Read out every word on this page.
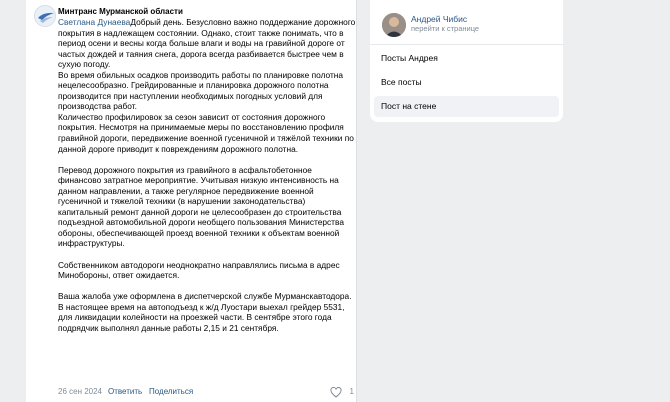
Минтранс Мурманской области

Светлана ДунаеваДобрый день. Безусловно важно поддержание дорожного покрытия в надлежащем состоянии. Однако, стоит также понимать, что в период осени и весны когда больше влаги и воды на гравийной дороге от частых дождей и таяния снега, дорога всегда разбивается быстрее чем в сухую погоду.

Во время обильных осадков производить работы по планировке полотна нецелесообразно. Грейдированные и планировка дорожного полотна производится при наступлении необходимых погодных условий для производства работ.

Количество профилировок за сезон зависит от состояния дорожного покрытия. Несмотря на принимаемые меры по восстановлению профиля гравийной дороги, передвижение военной гусеничной и тяжёлой техники по данной дороге приводит к повреждениям дорожного полотна.

Перевод дорожного покрытия из гравийного в асфальтобетонное финансово затратное мероприятие. Учитывая низкую интенсивность на данном направлении, а также регулярное передвижение военной гусеничной и тяжелой техники (в нарушении законодательства) капитальный ремонт данной дороги не целесообразен до строительства подъездной автомобильной дороги необщего пользования Министерства обороны, обеспечивающей проезд военной техники к объектам военной инфраструктуры.

Собственником автодороги неоднократно направлялись письма в адрес Минобороны, ответ ожидается.

Ваша жалоба уже оформлена в диспетчерской службе Мурманскавтодора. В настоящее время на автоподъезд к ж/д Луостари выехал грейдер 5531, для ликвидации колейности на проезжей части. В сентябре этого года подрядчик выполнял данные работы 2,15 и 21 сентября.

26 сен 2024 Ответить Поделиться	1
Андрей Чибис
перейти к странице
Посты Андрея
Все посты
Пост на стене
